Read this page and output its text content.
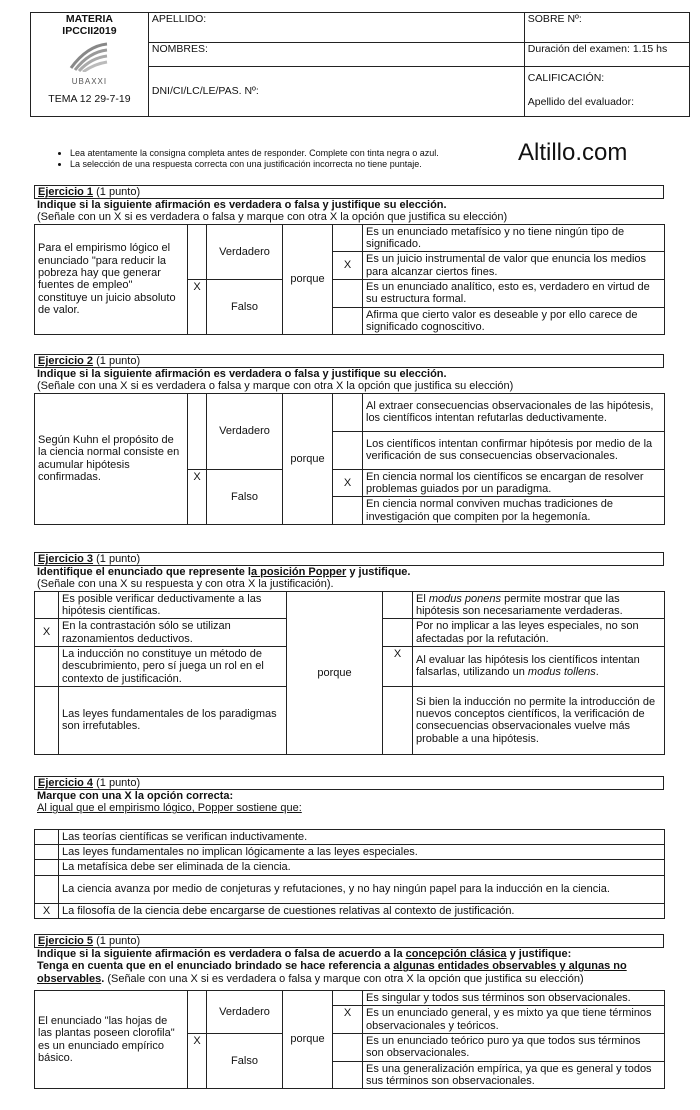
MATERIA
IPCCII2019
UBAXXI
TEMA 12 29-7-19	APELLIDO:	SOBRE Nº:
	NOMBRES:	Duración del examen: 1.15 hs
	DNI/CI/LC/LE/PAS. Nº:	CALIFICACIÓN:
Apellido del evaluador:
• Lea atentamente la consigna completa antes de responder. Complete con tinta negra o azul.
• La selección de una respuesta correcta con una justificación incorrecta no tiene puntaje.	Altillo.com
Ejercicio 1 (1 punto)
Indique si la siguiente afirmación es verdadera o falsa y justifique su elección.
(Señale con un X si es verdadera o falsa y marque con otra X la opción que justifica su elección)
Para el empirismo lógico el enunciado "para reducir la pobreza hay que generar fuentes de empleo" constituye un juicio absoluto de valor.		Verdadero	porque		Es un enunciado metafísico y no tiene ningún tipo de significado.
				X	Es un juicio instrumental de valor que enuncia los medios para alcanzar ciertos fines.
	X	Falso			Es un enunciado analítico, esto es, verdadero en virtud de su estructura formal.
					Afirma que cierto valor es deseable y por ello carece de significado cognoscitivo.
Ejercicio 2 (1 punto)
Indique si la siguiente afirmación es verdadera o falsa y justifique su elección.
(Señale con una X si es verdadera o falsa y marque con otra X la opción que justifica su elección)
Según Kuhn el propósito de la ciencia normal consiste en acumular hipótesis confirmadas.		Verdadero	porque		Al extraer consecuencias observacionales de las hipótesis, los científicos intentan refutarlas deductivamente.
					Los científicos intentan confirmar hipótesis por medio de la verificación de sus consecuencias observacionales.
	X	Falso		X	En ciencia normal los científicos se encargan de resolver problemas guiados por un paradigma.
					En ciencia normal conviven muchas tradiciones de investigación que compiten por la hegemonía.
Ejercicio 3 (1 punto)
Identifique el enunciado que represente la posición Popper y justifique.
(Señale con una X su respuesta y con otra X la justificación).
	Es posible verificar deductivamente a las hipótesis científicas.	porque		El modus ponens permite mostrar que las hipótesis son necesariamente verdaderas.
X	En la contrastación sólo se utilizan razonamientos deductivos.			Por no implicar a las leyes especiales, no son afectadas por la refutación.
	La inducción no constituye un método de descubrimiento, pero sí juega un rol en el contexto de justificación.		X	Al evaluar las hipótesis los científicos intentan falsarlas, utilizando un modus tollens.
	Las leyes fundamentales de los paradigmas son irrefutables.			Si bien la inducción no permite la introducción de nuevos conceptos científicos, la verificación de consecuencias observacionales vuelve más probable a una hipótesis.
Ejercicio 4 (1 punto)
Marque con una X la opción correcta:
Al igual que el empirismo lógico, Popper sostiene que:
	Las teorías científicas se verifican inductivamente.
	Las leyes fundamentales no implican lógicamente a las leyes especiales.
	La metafísica debe ser eliminada de la ciencia.
	La ciencia avanza por medio de conjeturas y refutaciones, y no hay ningún papel para la inducción en la ciencia.
X	La filosofía de la ciencia debe encargarse de cuestiones relativas al contexto de justificación.
Ejercicio 5 (1 punto)
Indique si la siguiente afirmación es verdadera o falsa de acuerdo a la concepción clásica y justifique:
Tenga en cuenta que en el enunciado brindado se hace referencia a algunas entidades observables y algunas no observables. (Señale con una X si es verdadera o falsa y marque con otra X la opción que justifica su elección)
El enunciado "las hojas de las plantas poseen clorofila" es un enunciado empírico básico.		Verdadero	porque		Es singular y todos sus términos son observacionales.
				X	Es un enunciado general, y es mixto ya que tiene términos observacionales y teóricos.
	X	Falso			Es un enunciado teórico puro ya que todos sus términos son observacionales.
					Es una generalización empírica, ya que es general y todos sus términos son observacionales.
